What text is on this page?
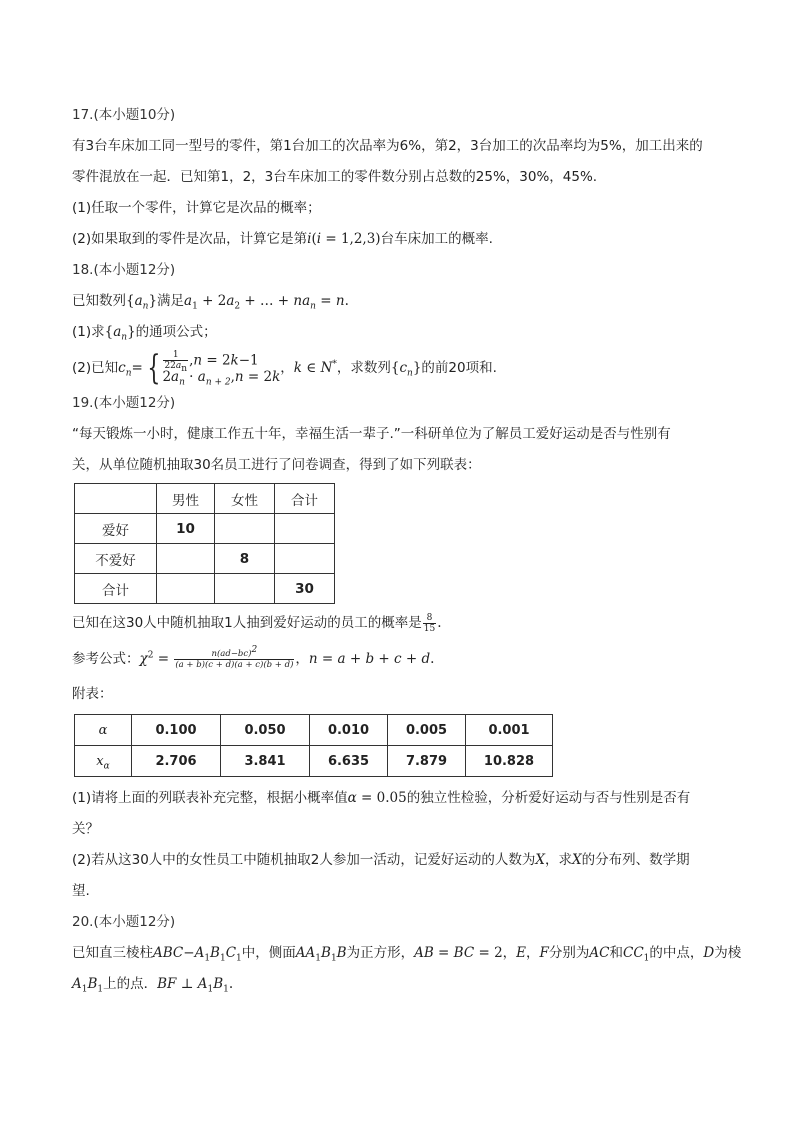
17.(本小题10分)
有3台车床加工同一型号的零件，第1台加工的次品率为6%，第2，3台加工的次品率均为5%，加工出来的
零件混放在一起．已知第1，2，3台车床加工的零件数分别占总数的25%，30%，45%.
(1)任取一个零件，计算它是次品的概率；
(2)如果取到的零件是次品，计算它是第i(i = 1,2,3)台车床加工的概率.
18.(本小题12分)
已知数列$\{a_n\}$满足$a_1 + 2a_2$ + … + $na_n = n$.
(1)求$\{a_n\}$的通项公式；
(2)已知$c_n=$ { $\frac{1}{22a_n} ,n = 2k-1$
$2a_n \cdot a_{n + 2},n = 2k$
，k ∈ N*，求数列$\{c_n\}$的前20项和.
19.(本小题12分)
“每天锻炼一小时，健康工作五十年，幸福生活一辈子.”一科研单位为了解员工爱好运动是否与性别有
关，从单位随机抽取30名员工进行了问卷调查，得到了如下列联表：
	男性	女性	合计
爱好	10		
不爱好		8	
合计			30
已知在这30人中随机抽取1人抽到爱好运动的员工的概率是 $\frac{8}{15}$ .
参考公式：$\chi^2 = \frac{n(ad-bc)^2}{(a + b)(c + d)(a + c)(b + d)}$ ，n = a + b + c + d.
附表：
α	0.100	0.050	0.010	0.005	0.001
$x_\alpha$	2.706	3.841	6.635	7.879	10.828
(1)请将上面的列联表补充完整，根据小概率值α = 0.05的独立性检验，分析爱好运动与否与性别是否有
关？
(2)若从这30人中的女性员工中随机抽取2人参加一活动，记爱好运动的人数为X，求X的分布列、数学期
望.
20.(本小题12分)
已知直三棱柱$ABC-A_1B_1C_1$中，侧面$AA_1B_1B$为正方形，AB = BC = 2，E，F分别为AC和$CC_1$的中点，D为棱
$A_1B_1$上的点．BF ⊥ $A_1B_1$.
